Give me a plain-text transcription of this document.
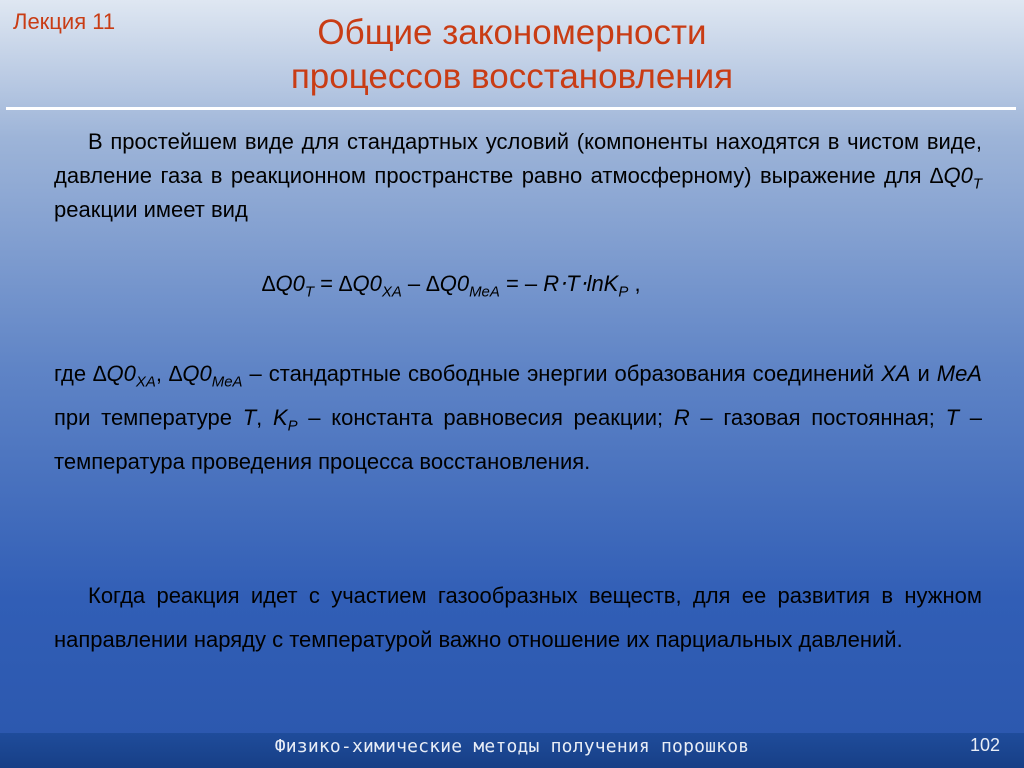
Лекция 11	Общие закономерности
процессов восстановления
В простейшем виде для стандартных условий (компоненты находятся в чистом виде, давление газа в реакционном пространстве равно атмосферному) выражение для $\Delta Q0_T$ реакции имеет вид
$\Delta Q0_T = \Delta Q0_{XA} - \Delta Q0_{MeA}$ = – R⋅T⋅lnK$_P$ ,
где $\Delta Q0_{XA}$, $\Delta Q0_{MeA}$ – стандартные свободные энергии образования соединений XA и MeA при температуре T, $K_P$ – константа равновесия реакции; R – газовая постоянная; T – температура проведения процесса восстановления.
Когда реакция идет с участием газообразных веществ, для ее развития в нужном направлении наряду с температурой важно отношение их парциальных давлений.
Физико-химические методы получения порошков	102
